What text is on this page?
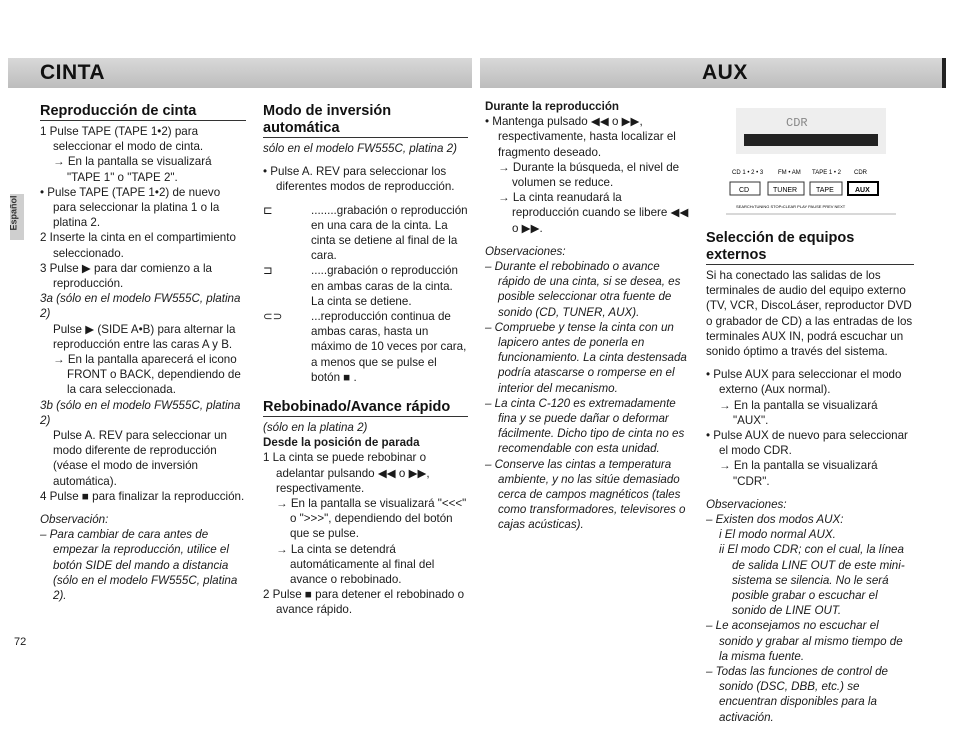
CINTA	AUX
Español
Reproducción de cinta

1 Pulse TAPE (TAPE 1•2) para seleccionar el modo de cinta.

→ En la pantalla se visualizará "TAPE 1" o "TAPE 2".

• Pulse TAPE (TAPE 1•2) de nuevo para seleccionar la platina 1 o la platina 2.

2 Inserte la cinta en el compartimiento seleccionado.

3 Pulse ▶ para dar comienzo a la reproducción.

3a (sólo en el modelo FW555C, platina 2)

Pulse ▶ (SIDE A•B) para alternar la reproducción entre las caras A y B.

→ En la pantalla aparecerá el icono FRONT o BACK, dependiendo de la cara seleccionada.

3b (sólo en el modelo FW555C, platina 2)

Pulse A. REV para seleccionar un modo diferente de reproducción (véase el modo de inversión automática).

4 Pulse ■ para finalizar la reproducción.

Observación:

– Para cambiar de cara antes de empezar la reproducción, utilice el botón SIDE del mando a distancia (sólo en el modelo FW555C, platina 2).

Modo de inversión automática

sólo en el modelo FW555C, platina 2)

• Pulse A. REV para seleccionar los diferentes modos de reproducción.

⊏	........grabación o reproducción en una cara de la cinta. La cinta se detiene al final de la cara.

⊐	.....grabación o reproducción en ambas caras de la cinta. La cinta se detiene.

⊂⊃ ...reproducción continua de ambas caras, hasta un máximo de 10 veces por cara, a menos que se pulse el botón ■ .

Rebobinado/Avance rápido

(sólo en la platina 2)

Desde la posición de parada

1 La cinta se puede rebobinar o adelantar pulsando ◀◀ o ▶▶, respectivamente.

→ En la pantalla se visualizará "<<<" o ">>>", dependiendo del botón que se pulse.

→ La cinta se detendrá automáticamente al final del avance o rebobinado.

2 Pulse ■ para detener el rebobinado o avance rápido.

Durante la reproducción

• Mantenga pulsado ◀◀ o ▶▶, respectivamente, hasta localizar el fragmento deseado.

→ Durante la búsqueda, el nivel de volumen se reduce.

→ La cinta reanudará la reproducción cuando se libere ◀◀ o ▶▶.

Observaciones:

– Durante el rebobinado o avance rápido de una cinta, si se desea, es posible seleccionar otra fuente de sonido (CD, TUNER, AUX).

– Compruebe y tense la cinta con un lapicero antes de ponerla en funcionamiento. La cinta destensada podría atascarse o romperse en el interior del mecanismo.

– La cinta C-120 es extremadamente fina y se puede dañar o deformar fácilmente. Dicho tipo de cinta no es recomendable con esta unidad.

– Conserve las cintas a temperatura ambiente, y no las sitúe demasiado cerca de campos magnéticos (tales como transformadores, televisores o cajas acústicas).

CDR
CD 1 • 2 • 3 FM • AM TAPE 1 • 2 CDR
CD	TUNER	TAPE	AUX
SEARCH•TUNING STOP•CLEAR PLAY PAUSE PREV NEXT
Selección de equipos externos

Si ha conectado las salidas de los terminales de audio del equipo externo (TV, VCR, DiscoLáser, reproductor DVD o grabador de CD) a las entradas de los terminales AUX IN, podrá escuchar un sonido óptimo a través del sistema.

• Pulse AUX para seleccionar el modo externo (Aux normal).

→ En la pantalla se visualizará "AUX".

• Pulse AUX de nuevo para seleccionar el modo CDR.

→ En la pantalla se visualizará "CDR".

Observaciones:

– Existen dos modos AUX:

i El modo normal AUX.

ii El modo CDR; con el cual, la línea de salida LINE OUT de este mini-sistema se silencia. No le será posible grabar o escuchar el sonido de LINE OUT.

– Le aconsejamos no escuchar el sonido y grabar al mismo tiempo de la misma fuente.

– Todas las funciones de control de sonido (DSC, DBB, etc.) se encuentran disponibles para la activación.

72
